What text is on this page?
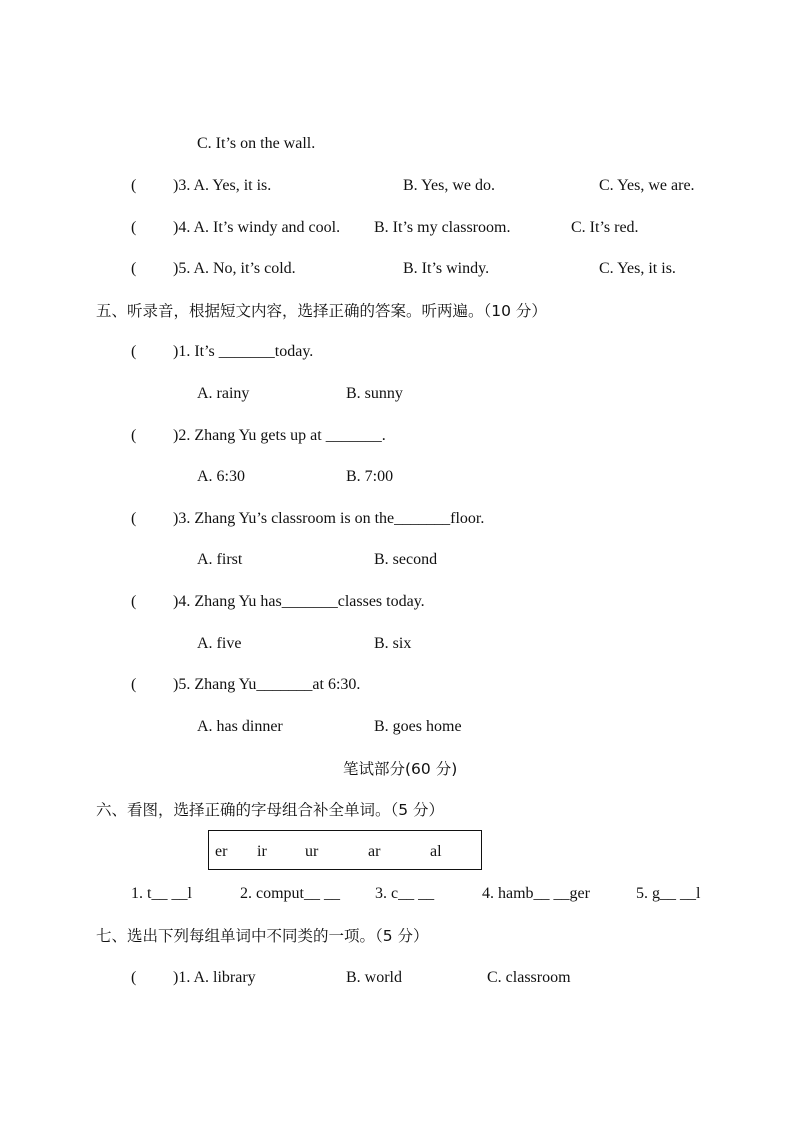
C. It’s on the wall.
( )3. A. Yes, it is.	B. Yes, we do.	C. Yes, we are.
( )4. A. It’s windy and cool. B. It’s my classroom.	C. It’s red.
( )5. A. No, it’s cold.	B. It’s windy.	C. Yes, it is.
五、听录音，根据短文内容，选择正确的答案。听两遍。（10 分）
( )1. It’s _______today.
A. rainy	B. sunny
( )2. Zhang Yu gets up at _______.
A. 6:30	B. 7:00
( )3. Zhang Yu’s classroom is on the_______floor.
A. first	B. second
( )4. Zhang Yu has_______classes today.
A. five	B. six
( )5. Zhang Yu_______at 6:30.
A. has dinner	B. goes home
笔试部分(60 分)
六、看图，选择正确的字母组合补全单词。（5 分）
er ir ur	ar	al
1. t__ __l	2. comput__ __ 3. c__ __	4. hamb__ __ger	5. g__ __l
七、选出下列每组单词中不同类的一项。（5 分）
( )1. A. library	B. world	C. classroom
